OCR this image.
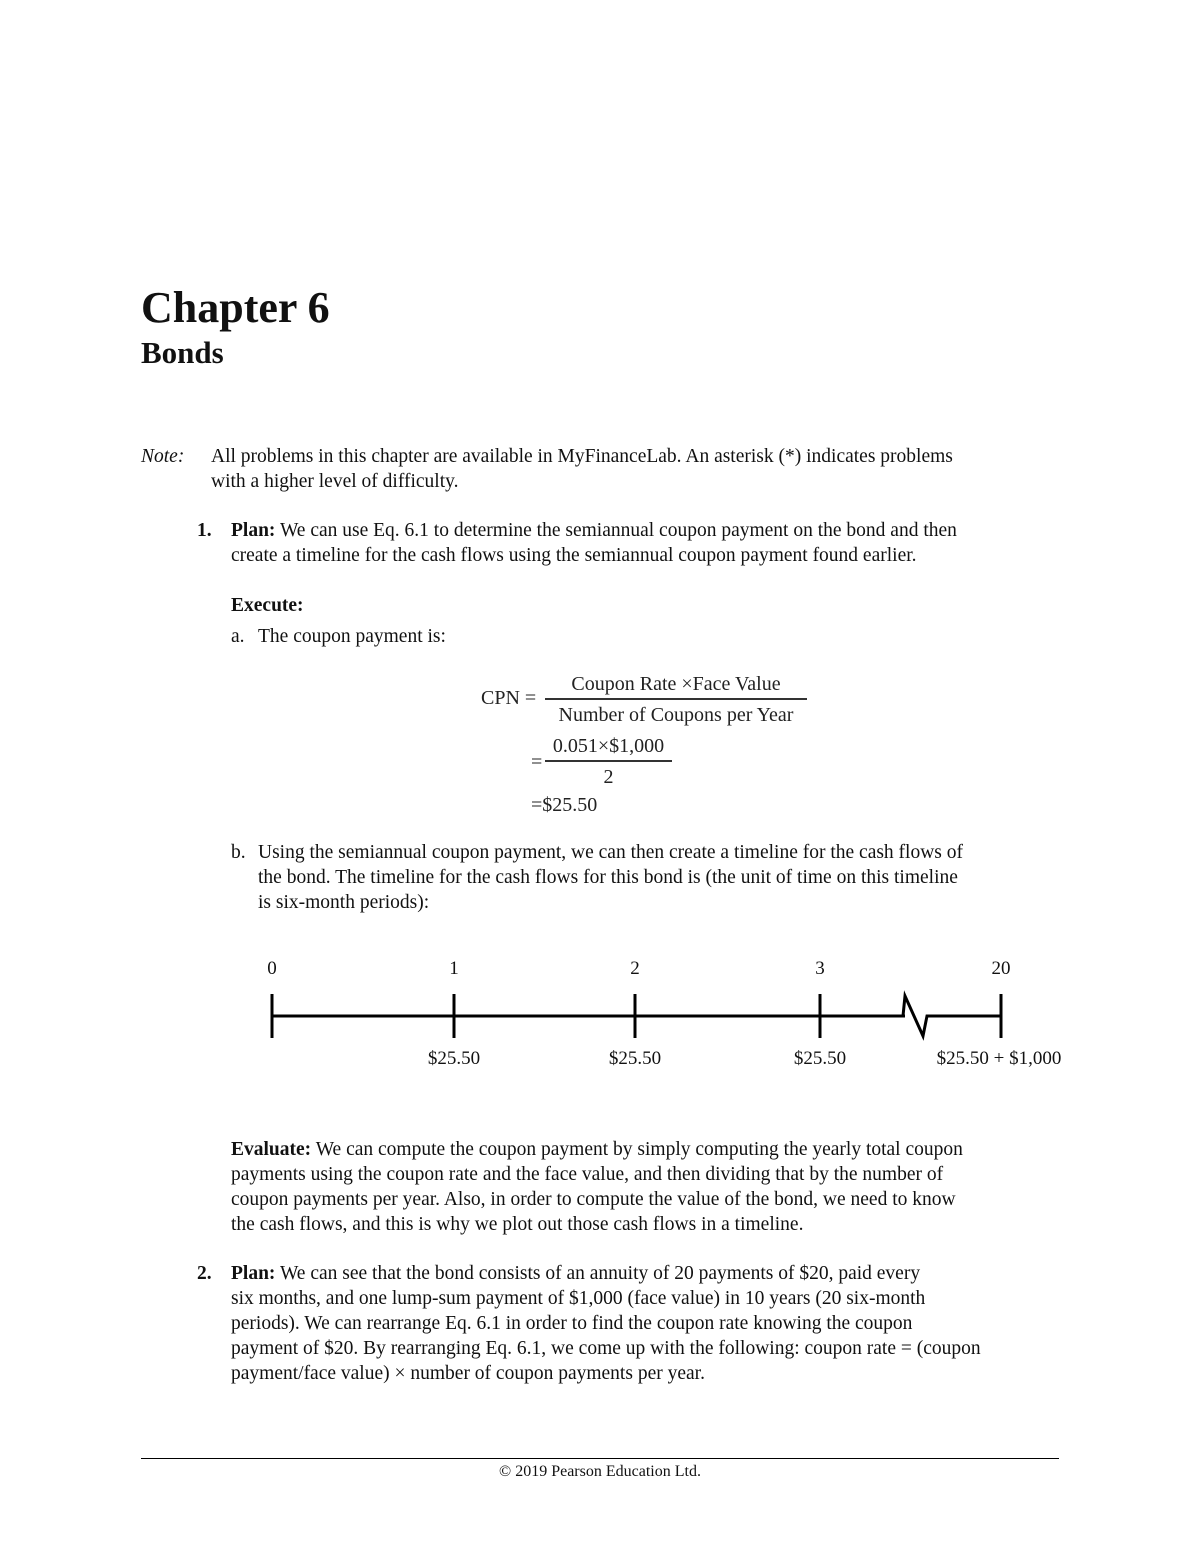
Chapter 6
Bonds
Note: All problems in this chapter are available in MyFinanceLab. An asterisk (*) indicates problems
with a higher level of difficulty.
1. Plan: We can use Eq. 6.1 to determine the semiannual coupon payment on the bond and then
create a timeline for the cash flows using the semiannual coupon payment found earlier.
Execute:
a. The coupon payment is:
CPN =
Coupon Rate ×Face Value
Number of Coupons per Year
=
0.051×$1,000
2
=$25.50
b. Using the semiannual coupon payment, we can then create a timeline for the cash flows of
the bond. The timeline for the cash flows for this bond is (the unit of time on this timeline
is six-month periods):
0	1	2	3	20
$25.50	$25.50	$25.50	$25.50 + $1,000
Evaluate: We can compute the coupon payment by simply computing the yearly total coupon
payments using the coupon rate and the face value, and then dividing that by the number of
coupon payments per year. Also, in order to compute the value of the bond, we need to know
the cash flows, and this is why we plot out those cash flows in a timeline.
2. Plan: We can see that the bond consists of an annuity of 20 payments of $20, paid every
six months, and one lump-sum payment of $1,000 (face value) in 10 years (20 six-month
periods). We can rearrange Eq. 6.1 in order to find the coupon rate knowing the coupon
payment of $20. By rearranging Eq. 6.1, we come up with the following: coupon rate = (coupon
payment/face value) × number of coupon payments per year.
© 2019 Pearson Education Ltd.
